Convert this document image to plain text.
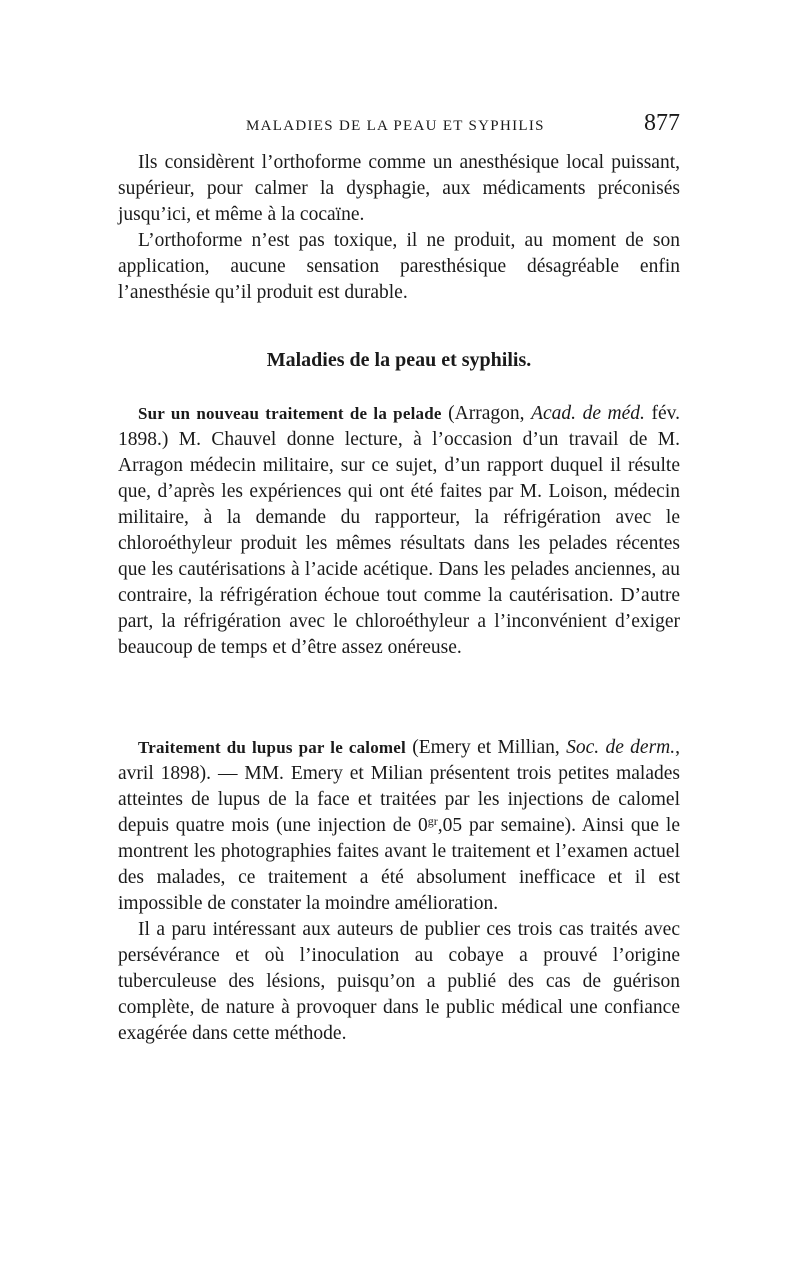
MALADIES DE LA PEAU ET SYPHILIS	877

Ils considèrent l’orthoforme comme un anesthésique local puissant, supérieur, pour calmer la dysphagie, aux médicaments préconisés jusqu’ici, et même à la cocaïne.

L’orthoforme n’est pas toxique, il ne produit, au moment de son application, aucune sensation paresthésique désagréable enfin l’anesthésie qu’il produit est durable.

Maladies de la peau et syphilis.

Sur un nouveau traitement de la pelade (Arragon, Acad. de méd. fév. 1898.) M. Chauvel donne lecture, à l’occasion d’un travail de M. Arragon médecin militaire, sur ce sujet, d’un rapport duquel il résulte que, d’après les expériences qui ont été faites par M. Loison, médecin militaire, à la demande du rapporteur, la réfrigération avec le chloroéthyleur produit les mêmes résultats dans les pelades récentes que les cautérisations à l’acide acétique. Dans les pelades anciennes, au contraire, la réfrigération échoue tout comme la cautérisation. D’autre part, la réfrigération avec le chloroéthyleur a l’inconvénient d’exiger beaucoup de temps et d’être assez onéreuse.

Traitement du lupus par le calomel (Emery et Millian, Soc. de derm., avril 1898). — MM. Emery et Milian présentent trois petites malades atteintes de lupus de la face et traitées par les injections de calomel depuis quatre mois (une injection de $0^{gr},05$ par semaine). Ainsi que le montrent les photographies faites avant le traitement et l’examen actuel des malades, ce traitement a été absolument inefficace et il est impossible de constater la moindre amélioration.

Il a paru intéressant aux auteurs de publier ces trois cas traités avec persévérance et où l’inoculation au cobaye a prouvé l’origine tuberculeuse des lésions, puisqu’on a publié des cas de guérison complète, de nature à provoquer dans le public médical une confiance exagérée dans cette méthode.
